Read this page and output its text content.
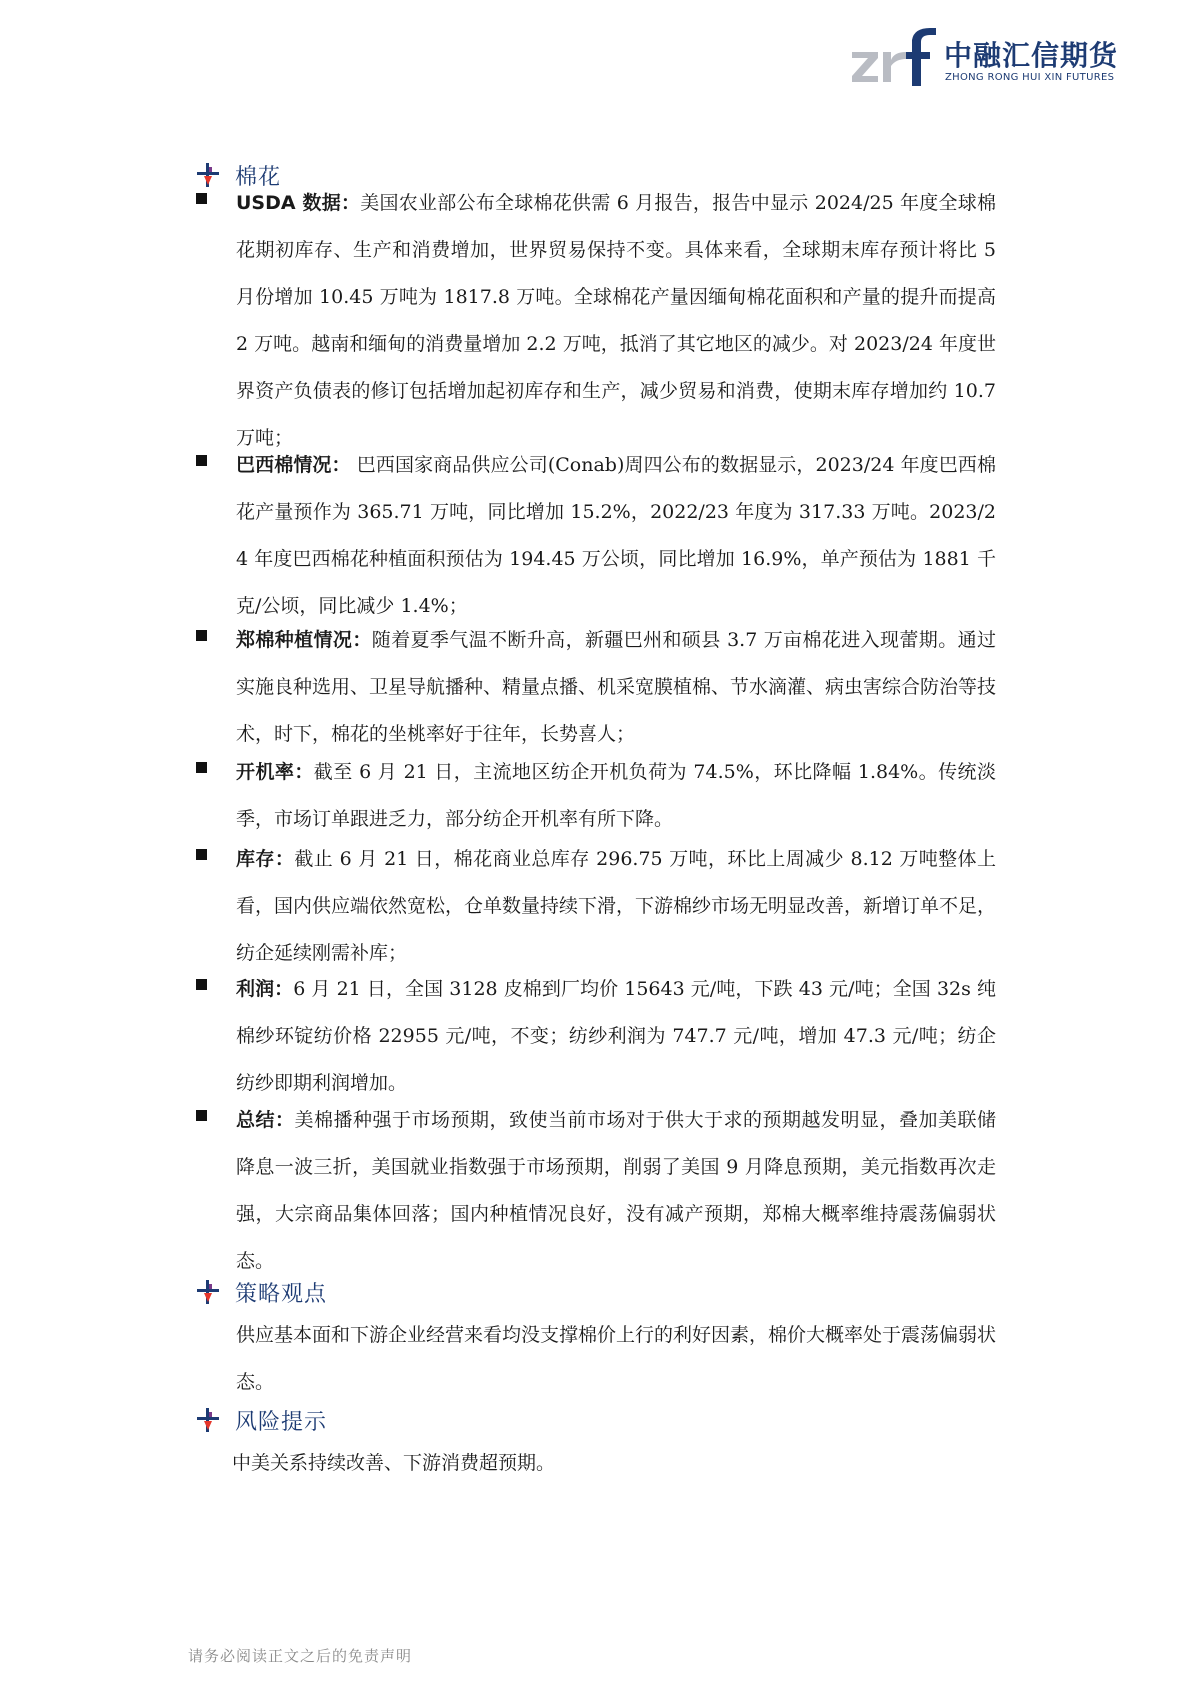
中融汇信期货
ZHONG RONG HUI XIN FUTURES
棉花
USDA 数据：美国农业部公布全球棉花供需 6 月报告，报告中显示 2024/25 年度全球棉花期初库存、生产和消费增加，世界贸易保持不变。具体来看，全球期末库存预计将比 5 月份增加 10.45 万吨为 1817.8 万吨。全球棉花产量因缅甸棉花面积和产量的提升而提高 2 万吨。越南和缅甸的消费量增加 2.2 万吨，抵消了其它地区的减少。对 2023/24 年度世界资产负债表的修订包括增加起初库存和生产，减少贸易和消费，使期末库存增加约 10.7 万吨；
巴西棉情况： 巴西国家商品供应公司(Conab)周四公布的数据显示，2023/24 年度巴西棉花产量预作为 365.71 万吨，同比增加 15.2%，2022/23 年度为 317.33 万吨。2023/24 年度巴西棉花种植面积预估为 194.45 万公顷，同比增加 16.9%，单产预估为 1881 千克/公顷，同比减少 1.4%；
郑棉种植情况：随着夏季气温不断升高，新疆巴州和硕县 3.7 万亩棉花进入现蕾期。通过实施良种选用、卫星导航播种、精量点播、机采宽膜植棉、节水滴灌、病虫害综合防治等技术，时下，棉花的坐桃率好于往年，长势喜人；
开机率：截至 6 月 21 日，主流地区纺企开机负荷为 74.5%，环比降幅 1.84%。传统淡季，市场订单跟进乏力，部分纺企开机率有所下降。
库存：截止 6 月 21 日，棉花商业总库存 296.75 万吨，环比上周减少 8.12 万吨整体上看，国内供应端依然宽松，仓单数量持续下滑，下游棉纱市场无明显改善，新增订单不足，纺企延续刚需补库；
利润：6 月 21 日，全国 3128 皮棉到厂均价 15643 元/吨，下跌 43 元/吨；全国 32s 纯棉纱环锭纺价格 22955 元/吨，不变；纺纱利润为 747.7 元/吨，增加 47.3 元/吨；纺企纺纱即期利润增加。
总结：美棉播种强于市场预期，致使当前市场对于供大于求的预期越发明显，叠加美联储降息一波三折，美国就业指数强于市场预期，削弱了美国 9 月降息预期，美元指数再次走强，大宗商品集体回落；国内种植情况良好，没有减产预期，郑棉大概率维持震荡偏弱状态。
策略观点
供应基本面和下游企业经营来看均没支撑棉价上行的利好因素，棉价大概率处于震荡偏弱状态。
风险提示
中美关系持续改善、下游消费超预期。
请务必阅读正文之后的免责声明
